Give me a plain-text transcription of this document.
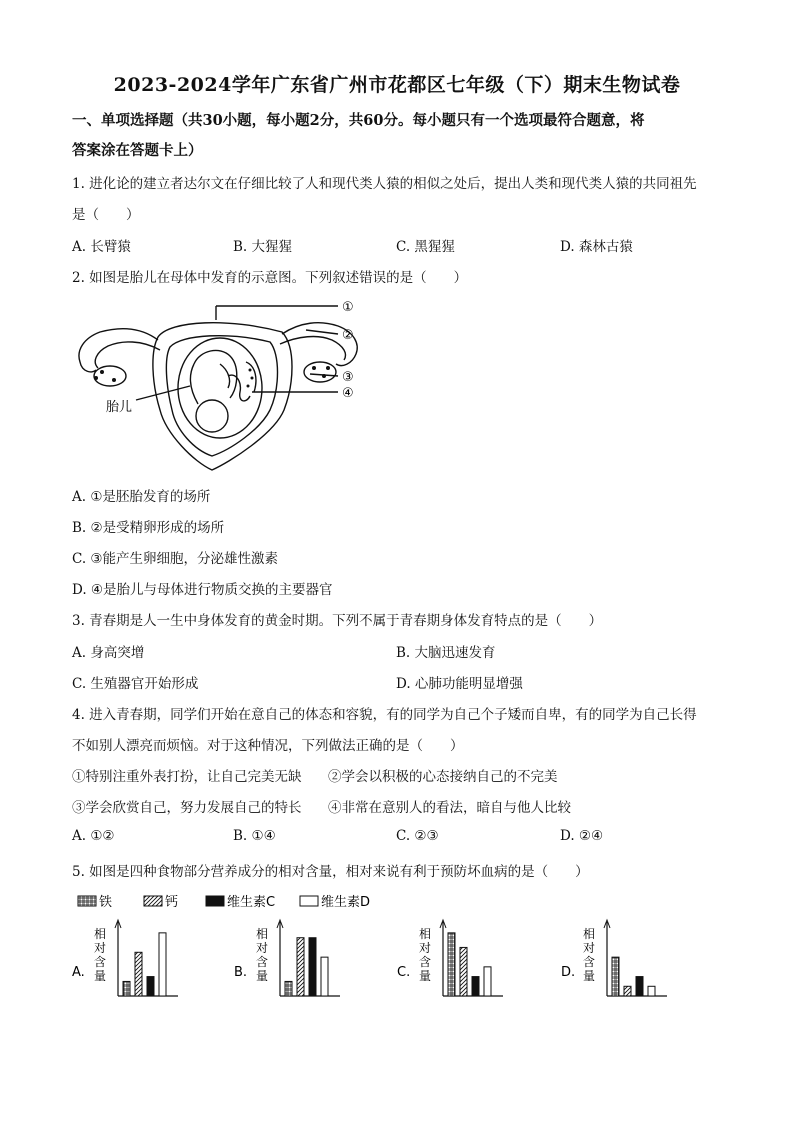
2023-2024学年广东省广州市花都区七年级（下）期末生物试卷
一、单项选择题（共30小题，每小题2分，共60分。每小题只有一个选项最符合题意，将
答案涂在答题卡上）
1. 进化论的建立者达尔文在仔细比较了人和现代类人猿的相似之处后，提出人类和现代类人猿的共同祖先
是（　　）
A. 长臂猿	B. 大猩猩	C. 黑猩猩	D. 森林古猿
2. 如图是胎儿在母体中发育的示意图。下列叙述错误的是（　　）
①
②
③
④
胎儿
A. ①是胚胎发育的场所
B. ②是受精卵形成的场所
C. ③能产生卵细胞，分泌雄性激素
D. ④是胎儿与母体进行物质交换的主要器官
3. 青春期是人一生中身体发育的黄金时期。下列不属于青春期身体发育特点的是（　　）
A. 身高突增	B. 大脑迅速发育
C. 生殖器官开始形成	D. 心肺功能明显增强
4. 进入青春期，同学们开始在意自己的体态和容貌，有的同学为自己个子矮而自卑，有的同学为自己长得
不如别人漂亮而烦恼。对于这种情况，下列做法正确的是（　　）
①特别注重外表打扮，让自己完美无缺 ②学会以积极的心态接纳自己的不完美
③学会欣赏自己，努力发展自己的特长 ④非常在意别人的看法，暗自与他人比较
A. ①②	B. ①④	C. ②③	D. ②④
5. 如图是四种食物部分营养成分的相对含量，相对来说有利于预防坏血病的是（　　）
铁	钙	维生素C	维生素D
A.
相
对
含
量	B.
相
对
含
量	C.
相
对
含
量	D.
相
对
含
量
